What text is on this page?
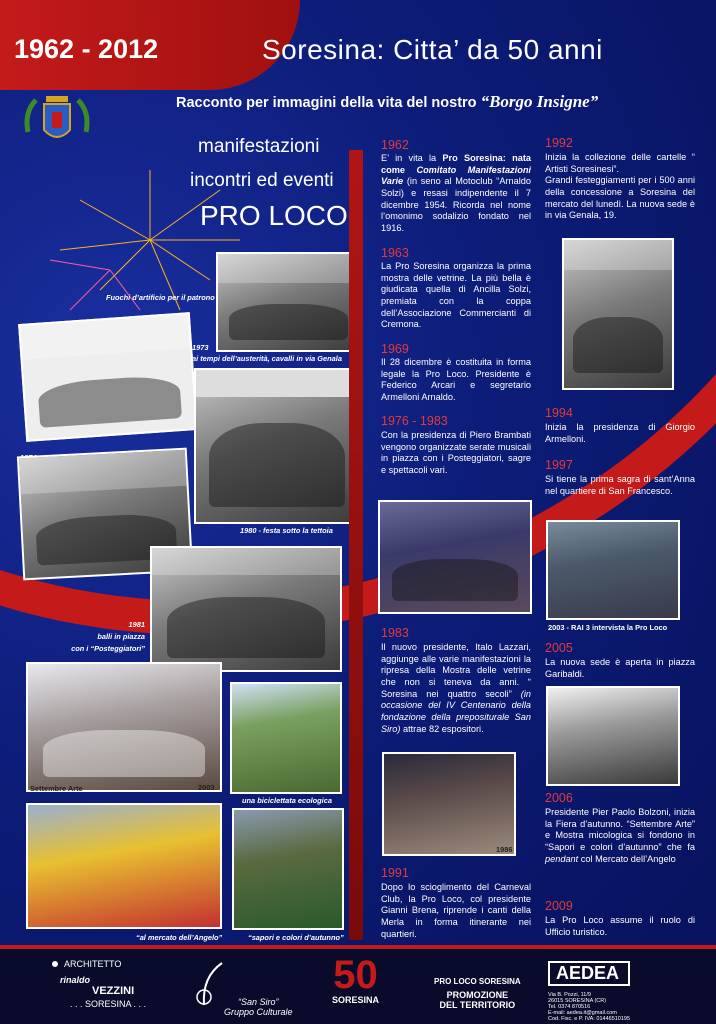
1962 - 2012	Soresina: Citta’ da 50 anni
Racconto per immagini della vita del nostro “Borgo Insigne”
manifestazioni
incontri ed eventi
PRO LOCO
Fuochi d’artificio per il patrono
1973
ai tempi dell’austerità, cavalli in via Genala
1980 - festa sotto la tettoia
1981
balli in piazza
con i “Posteggiatori”
Settembre Arte	2003
una biciclettata ecologica
“al mercato dell’Angelo”	“sapori e colori d’autunno”
1962
E’ in vita la Pro Soresina: nata come Comitato Manifestazioni Varie (in seno al Motoclub “Arnaldo Solzi) e resasi indipendente il 7 dicembre 1954. Ricorda nel nome l’omonimo sodalizio fondato nel 1916.
1963
La Pro Soresina organizza la prima mostra delle vetrine. La più bella è giudicata quella di Ancilla Solzi, premiata con la coppa dell’Associazione Commercianti di Cremona.
1969
Il 28 dicembre è costituita in forma legale la Pro Loco. Presidente è Federico Arcari e segretario Armelloni Arnaldo.
1976 - 1983
Con la presidenza di Piero Brambati vengono organizzate serate musicali in piazza con i Posteggiatori, sagre e spettacoli vari.
1983
Il nuovo presidente, Italo Lazzari, aggiunge alle varie manifestazioni la ripresa della Mostra delle vetrine che non si teneva da anni. “ Soresina nei quattro secoli” (in occasione del IV Centenario della fondazione della prepositurale San Siro) attrae 82 espositori.
1986
1991
Dopo lo scioglimento del Carneval Club, la Pro Loco, col presidente Gianni Brena, riprende i canti della Merla in forma itinerante nei quartieri.
1992
Inizia la collezione delle cartelle “ Artisti Soresinesi”.
Grandi festeggiamenti per i 500 anni della concessione a Soresina del mercato del lunedì. La nuova sede è in via Genala, 19.
1994
Inizia la presidenza di Giorgio Armelloni.
1997
Si tiene la prima sagra di sant’Anna nel quartiere di San Francesco.
2003 - RAI 3 intervista la Pro Loco
2005
La nuova sede è aperta in piazza Garibaldi.
2006
Presidente Pier Paolo Bolzoni, inizia la Fiera d’autunno. “Settembre Arte” e Mostra micologica si fondono in “Sapori e colori d’autunno” che fa pendant col Mercato dell’Angelo
2009
La Pro Loco assume il ruolo di Ufficio turistico.
ARCHITETTO
rinaldo
VEZZINI
. . . SORESINA . . .	“San Siro”
Gruppo Culturale
50
SORESINA
PRO LOCO SORESINA
PROMOZIONE
DEL TERRITORIO
AEDEA
Via B. Pozzi, 11/9
26015 SORESINA (CR)
Tel. 0374 870516
E-mail: aedea.it@gmail.com
Cod. Fisc. e P. IVA: 01446510195
